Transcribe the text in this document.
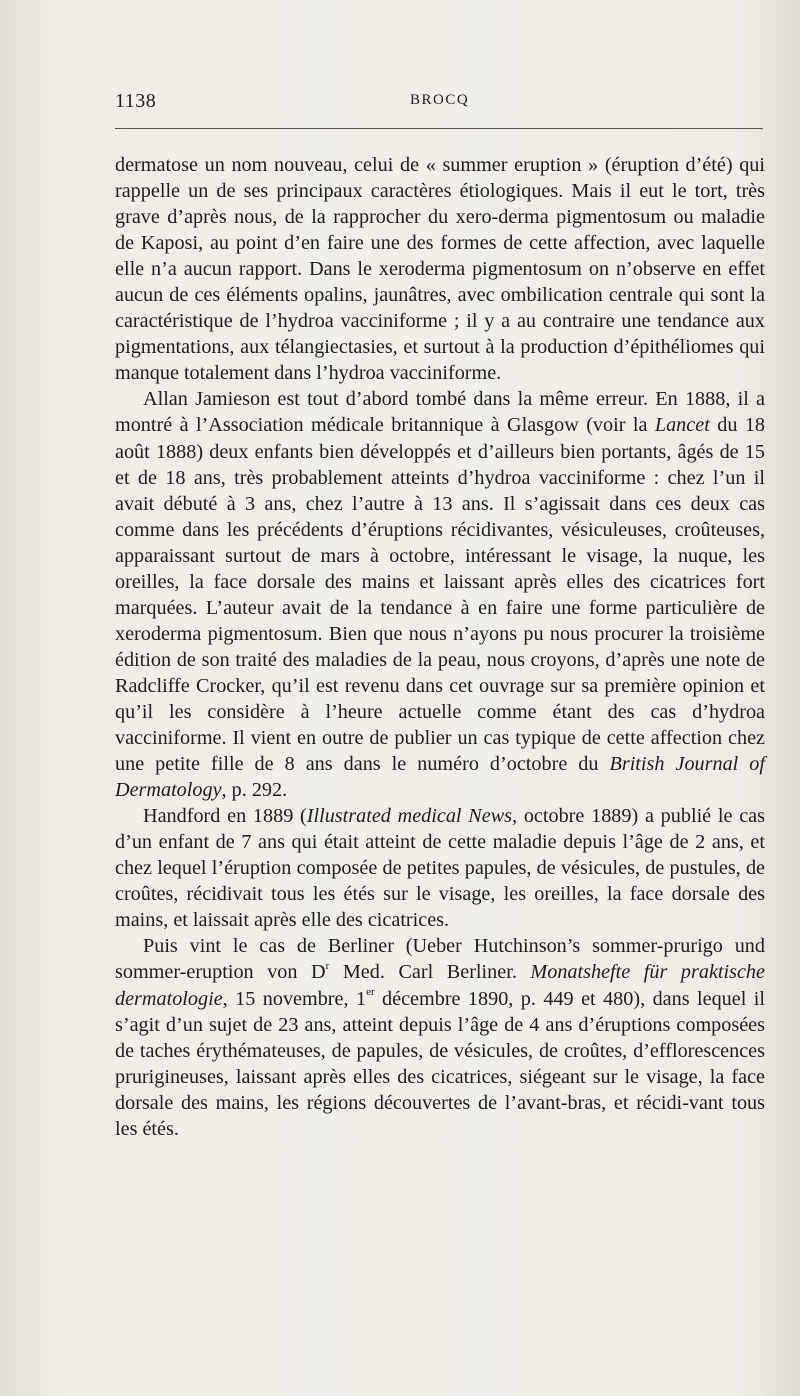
1138	BROCQ

dermatose un nom nouveau, celui de « summer eruption » (éruption d’été) qui rappelle un de ses principaux caractères étiologiques. Mais il eut le tort, très grave d’après nous, de la rapprocher du xero-derma pigmentosum ou maladie de Kaposi, au point d’en faire une des formes de cette affection, avec laquelle elle n’a aucun rapport. Dans le xeroderma pigmentosum on n’observe en effet aucun de ces éléments opalins, jaunâtres, avec ombilication centrale qui sont la caractéristique de l’hydroa vacciniforme ; il y a au contraire une tendance aux pigmentations, aux télangiectasies, et surtout à la production d’épithéliomes qui manque totalement dans l’hydroa vacciniforme.

Allan Jamieson est tout d’abord tombé dans la même erreur. En 1888, il a montré à l’Association médicale britannique à Glasgow (voir la Lancet du 18 août 1888) deux enfants bien développés et d’ailleurs bien portants, âgés de 15 et de 18 ans, très probablement atteints d’hydroa vacciniforme : chez l’un il avait débuté à 3 ans, chez l’autre à 13 ans. Il s’agissait dans ces deux cas comme dans les précédents d’éruptions récidivantes, vésiculeuses, croûteuses, apparaissant surtout de mars à octobre, intéressant le visage, la nuque, les oreilles, la face dorsale des mains et laissant après elles des cicatrices fort marquées. L’auteur avait de la tendance à en faire une forme particulière de xeroderma pigmentosum. Bien que nous n’ayons pu nous procurer la troisième édition de son traité des maladies de la peau, nous croyons, d’après une note de Radcliffe Crocker, qu’il est revenu dans cet ouvrage sur sa première opinion et qu’il les considère à l’heure actuelle comme étant des cas d’hydroa vacciniforme. Il vient en outre de publier un cas typique de cette affection chez une petite fille de 8 ans dans le numéro d’octobre du British Journal of Dermatology, p. 292.

Handford en 1889 (Illustrated medical News, octobre 1889) a publié le cas d’un enfant de 7 ans qui était atteint de cette maladie depuis l’âge de 2 ans, et chez lequel l’éruption composée de petites papules, de vésicules, de pustules, de croûtes, récidivait tous les étés sur le visage, les oreilles, la face dorsale des mains, et laissait après elle des cicatrices.

Puis vint le cas de Berliner (Ueber Hutchinson’s sommer-prurigo und sommer-eruption von $D^r$ Med. Carl Berliner. Monatshefte für praktische dermatologie, 15 novembre, 1er décembre 1890, p. 449 et 480), dans lequel il s’agit d’un sujet de 23 ans, atteint depuis l’âge de 4 ans d’éruptions composées de taches érythémateuses, de papules, de vésicules, de croûtes, d’efflorescences prurigineuses, laissant après elles des cicatrices, siégeant sur le visage, la face dorsale des mains, les régions découvertes de l’avant-bras, et récidi-vant tous les étés.
